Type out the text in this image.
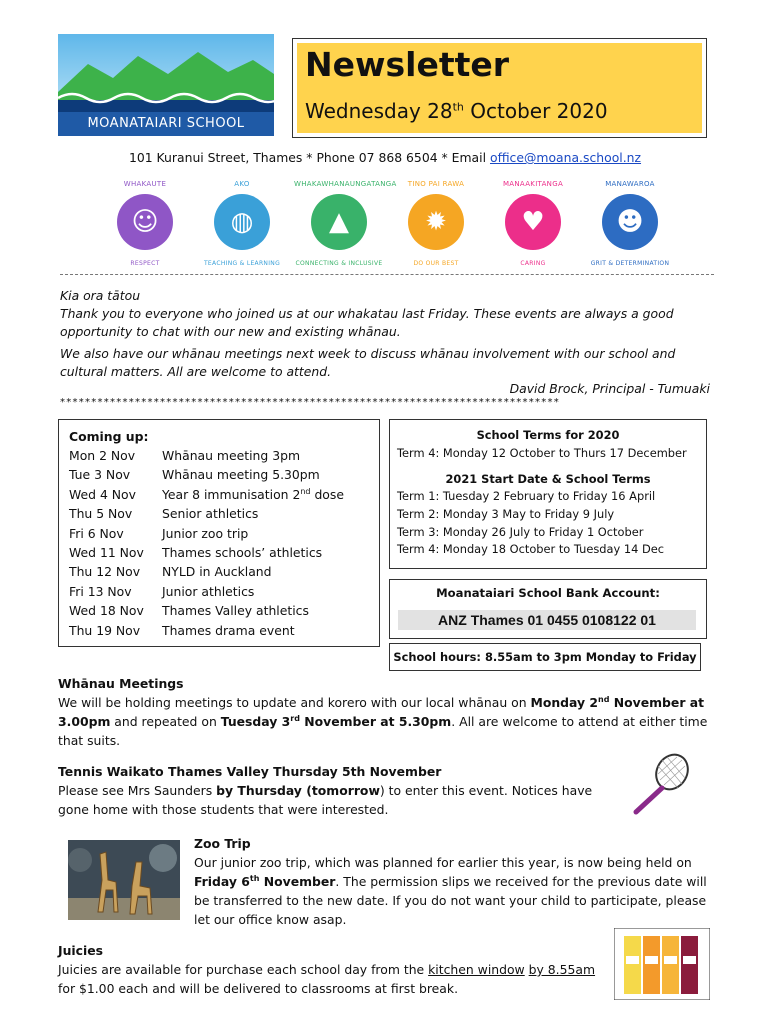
MOANATAIARI SCHOOL
Newsletter
Wednesday 28th October 2020
101 Kuranui Street, Thames * Phone 07 868 6504 * Email office@moana.school.nz
WHAKAUTE
☺
RESPECT
AKO
◍
TEACHING & LEARNING
WHAKAWHANAUNGATANGA
▲
CONNECTING & INCLUSIVE
TINO PAI RAWA
✹
DO OUR BEST
MANAAKITANGA
♥
CARING
MANAWAROA
☻
GRIT & DETERMINATION

Kia ora tātou

Thank you to everyone who joined us at our whakatau last Friday. These events are always a good opportunity to chat with our new and existing whānau.

We also have our whānau meetings next week to discuss whānau involvement with our school and cultural matters. All are welcome to attend.

David Brock, Principal - Tumuaki
********************************************************************************
Coming up:
Mon 2 Nov	Whānau meeting 3pm
Tue 3 Nov	Whānau meeting 5.30pm
Wed 4 Nov	Year 8 immunisation 2nd dose
Thu 5 Nov	Senior athletics
Fri 6 Nov	Junior zoo trip
Wed 11 Nov	Thames schools’ athletics
Thu 12 Nov	NYLD in Auckland
Fri 13 Nov	Junior athletics
Wed 18 Nov	Thames Valley athletics
Thu 19 Nov	Thames drama event
School Terms for 2020
Term 4: Monday 12 October to Thurs 17 December
2021 Start Date & School Terms
Term 1: Tuesday 2 February to Friday 16 April
Term 2: Monday 3 May to Friday 9 July
Term 3: Monday 26 July to Friday 1 October
Term 4: Monday 18 October to Tuesday 14 Dec
Moanataiari School Bank Account:
ANZ Thames 01 0455 0108122 01
School hours: 8.55am to 3pm Monday to Friday
Whānau Meetings
We will be holding meetings to update and korero with our local whānau on Monday 2nd November at 3.00pm and repeated on Tuesday 3rd November at 5.30pm. All are welcome to attend at either time that suits.
Tennis Waikato Thames Valley Thursday 5th November
Please see Mrs Saunders by Thursday (tomorrow) to enter this event. Notices have gone home with those students that were interested.
Zoo Trip
Our junior zoo trip, which was planned for earlier this year, is now being held on Friday 6th November. The permission slips we received for the previous date will be transferred to the new date. If you do not want your child to participate, please let our office know asap.
Juicies
Juicies are available for purchase each school day from the kitchen window by 8.55am for $1.00 each and will be delivered to classrooms at first break.
